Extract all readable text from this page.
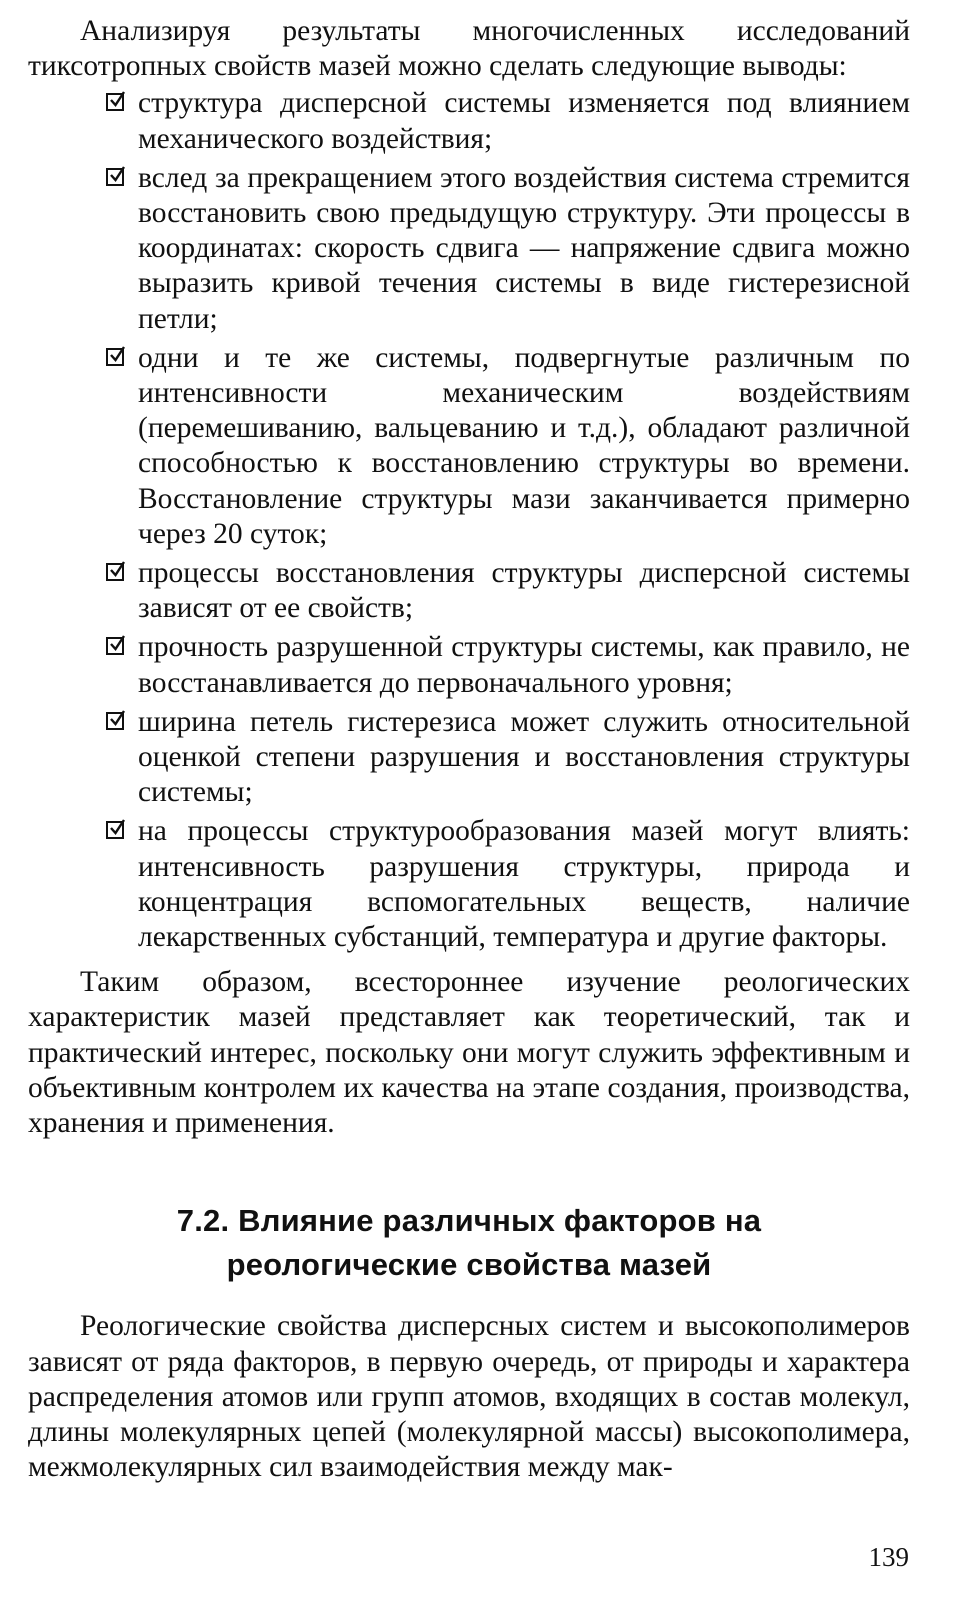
Анализируя результаты многочисленных исследований тиксотропных свойств мазей можно сделать следующие выводы:

структура дисперсной системы изменяется под влиянием механического воздействия;
вслед за прекращением этого воздействия система стремится восстановить свою предыдущую структуру. Эти процессы в координатах: скорость сдвига — напряжение сдвига можно выразить кривой течения системы в виде гистерезисной петли;
одни и те же системы, подвергнутые различным по интенсивности механическим воздействиям (перемешиванию, вальцеванию и т.д.), обладают различной способностью к восстановлению структуры во времени. Восстановление структуры мази заканчивается примерно через 20 суток;
процессы восстановления структуры дисперсной системы зависят от ее свойств;
прочность разрушенной структуры системы, как правило, не восстанавливается до первоначального уровня;
ширина петель гистерезиса может служить относительной оценкой степени разрушения и восстановления структуры системы;
на процессы структурообразования мазей могут влиять: интенсивность разрушения структуры, природа и концентрация вспомогательных веществ, наличие лекарственных субстанций, температура и другие факторы.

Таким образом, всестороннее изучение реологических характеристик мазей представляет как теоретический, так и практический интерес, поскольку они могут служить эффективным и объективным контролем их качества на этапе создания, производства, хранения и применения.

7.2. Влияние различных факторов на
реологические свойства мазей

Реологические свойства дисперсных систем и высокополимеров зависят от ряда факторов, в первую очередь, от природы и характера распределения атомов или групп атомов, входящих в состав молекул, длины молекулярных цепей (молекулярной массы) высокополимера, межмолекулярных сил взаимодействия между мак-

139
